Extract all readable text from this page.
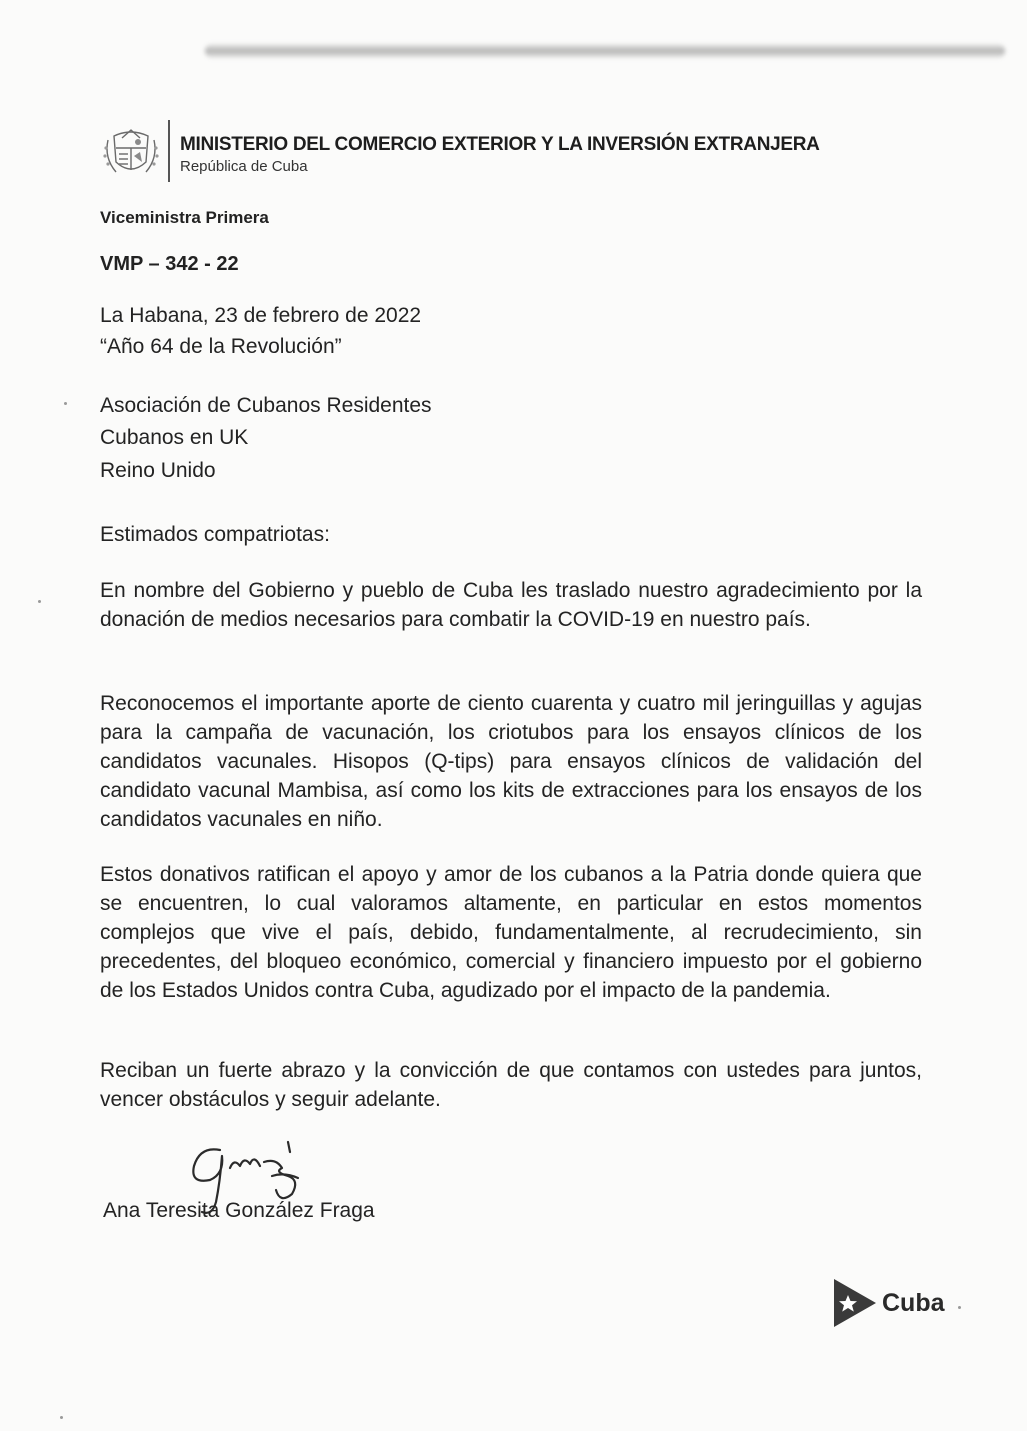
MINISTERIO DEL COMERCIO EXTERIOR Y LA INVERSIÓN EXTRANJERA
República de Cuba
Viceministra Primera
VMP – 342 - 22
La Habana, 23 de febrero de 2022
“Año 64 de la Revolución”
Asociación de Cubanos Residentes
Cubanos en UK
Reino Unido
Estimados compatriotas:
En nombre del Gobierno y pueblo de Cuba les traslado nuestro agradecimiento por la donación de medios necesarios para combatir la COVID-19 en nuestro país.
Reconocemos el importante aporte de ciento cuarenta y cuatro mil jeringuillas y agujas para la campaña de vacunación, los criotubos para los ensayos clínicos de los candidatos vacunales. Hisopos (Q-tips) para ensayos clínicos de validación del candidato vacunal Mambisa, así como los kits de extracciones para los ensayos de los candidatos vacunales en niño.
Estos donativos ratifican el apoyo y amor de los cubanos a la Patria donde quiera que se encuentren, lo cual valoramos altamente, en particular en estos momentos complejos que vive el país, debido, fundamentalmente, al recrudecimiento, sin precedentes, del bloqueo económico, comercial y financiero impuesto por el gobierno de los Estados Unidos contra Cuba, agudizado por el impacto de la pandemia.
Reciban un fuerte abrazo y la convicción de que contamos con ustedes para juntos, vencer obstáculos y seguir adelante.
Ana Teresita González Fraga
Cuba
